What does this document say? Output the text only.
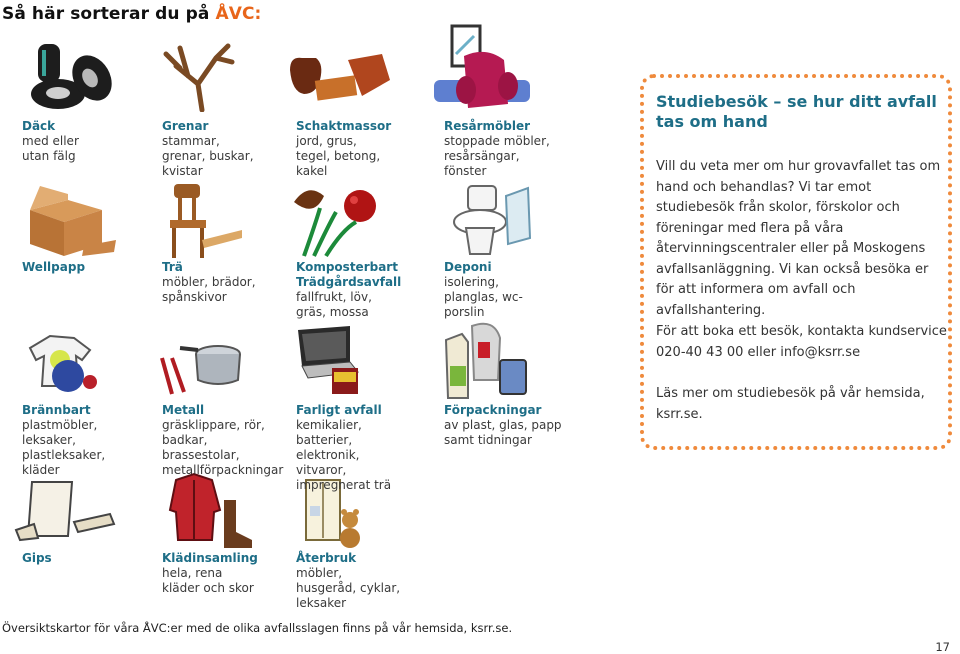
Så här sorterar du på ÅVC:
Däck
med eller utan fälg
Grenar
stammar, grenar, buskar, kvistar
Schaktmassor
jord, grus, tegel, betong, kakel
Resårmöbler
stoppade möbler, resårsängar, fönster
Wellpapp	Trä
möbler, brädor, spånskivor
Komposterbart Trädgårdsavfall
fallfrukt, löv, gräs, mossa
Deponi
isolering, planglas, wc-porslin
Brännbart
plastmöbler, leksaker, plastleksaker, kläder
Metall
gräsklippare, rör, badkar, brassestolar, metallförpackningar
Farligt avfall
kemikalier, batterier, elektronik, vitvaror, impregnerat trä
Förpackningar
av plast, glas, papp samt tidningar
Gips	Klädinsamling
hela, rena kläder och skor
Återbruk
möbler, husgeråd, cyklar, leksaker
Studiebesök – se hur ditt avfall tas om hand

Vill du veta mer om hur grovavfallet tas om hand och behandlas? Vi tar emot studiebesök från skolor, förskolor och föreningar med flera på våra återvinningscentraler eller på Moskogens avfallsanläggning. Vi kan också besöka er för att informera om avfall och avfallshantering.

För att boka ett besök, kontakta kundservice 020-40 43 00 eller info@ksrr.se

Läs mer om studiebesök på vår hemsida, ksrr.se.

Översiktskartor för våra ÅVC:er med de olika avfallsslagen finns på vår hemsida, ksrr.se.
17
